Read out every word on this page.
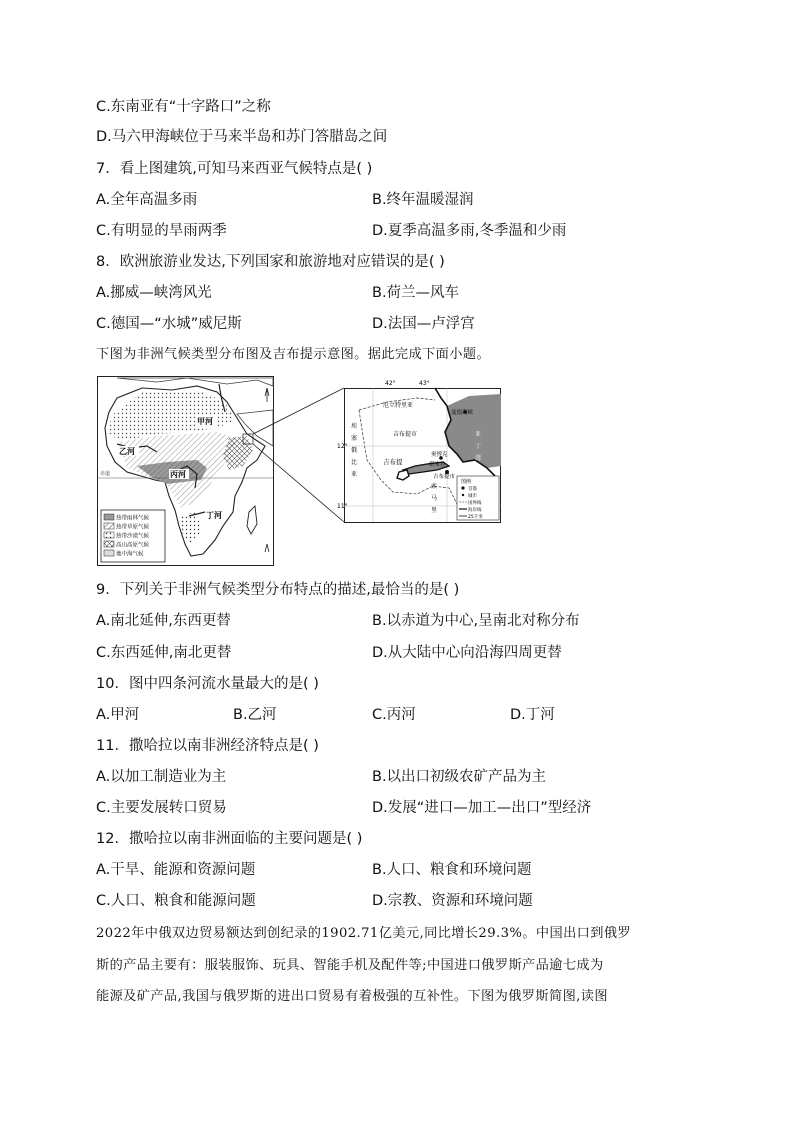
C.东南亚有“十字路口”之称
D.马六甲海峡位于马来半岛和苏门答腊岛之间
7．看上图建筑,可知马来西亚气候特点是( )
A.全年高温多雨	B.终年温暖湿润
C.有明显的旱雨两季	D.夏季高温多雨,冬季温和少雨
8．欧洲旅游业发达,下列国家和旅游地对应错误的是( )
A.挪威—峡湾风光	B.荷兰—风车
C.德国—“水城”威尼斯	D.法国—卢浮宫
下图为非洲气候类型分布图及吉布提示意图。据此完成下面小题。
赤道
甲河
乙河
丙河
丁河
热带雨林气候
热带草原气候
热带沙漠气候
高山高原气候
地中海气候
42°	43°
12°
11°
厄立特里亚
曼德海峡
吉布提市
吉布提
奥博克
塔朱拉
吉布提市
埃
塞
俄
比
亚
亚
丁
湾
索
马
里
图例
首都
城市
国界线
海岸线
25千米
9．下列关于非洲气候类型分布特点的描述,最恰当的是( )
A.南北延伸,东西更替	B.以赤道为中心,呈南北对称分布
C.东西延伸,南北更替	D.从大陆中心向沿海四周更替
10．图中四条河流水量最大的是( )
A.甲河	B.乙河	C.丙河	D.丁河
11．撒哈拉以南非洲经济特点是( )
A.以加工制造业为主	B.以出口初级农矿产品为主
C.主要发展转口贸易	D.发展“进口—加工—出口”型经济
12．撒哈拉以南非洲面临的主要问题是( )
A.干旱、能源和资源问题	B.人口、粮食和环境问题
C.人口、粮食和能源问题	D.宗教、资源和环境问题
2022年中俄双边贸易额达到创纪录的1902.71亿美元,同比增长29.3%。中国出口到俄罗
斯的产品主要有：服装服饰、玩具、智能手机及配件等;中国进口俄罗斯产品逾七成为
能源及矿产品,我国与俄罗斯的进出口贸易有着极强的互补性。下图为俄罗斯简图,读图
